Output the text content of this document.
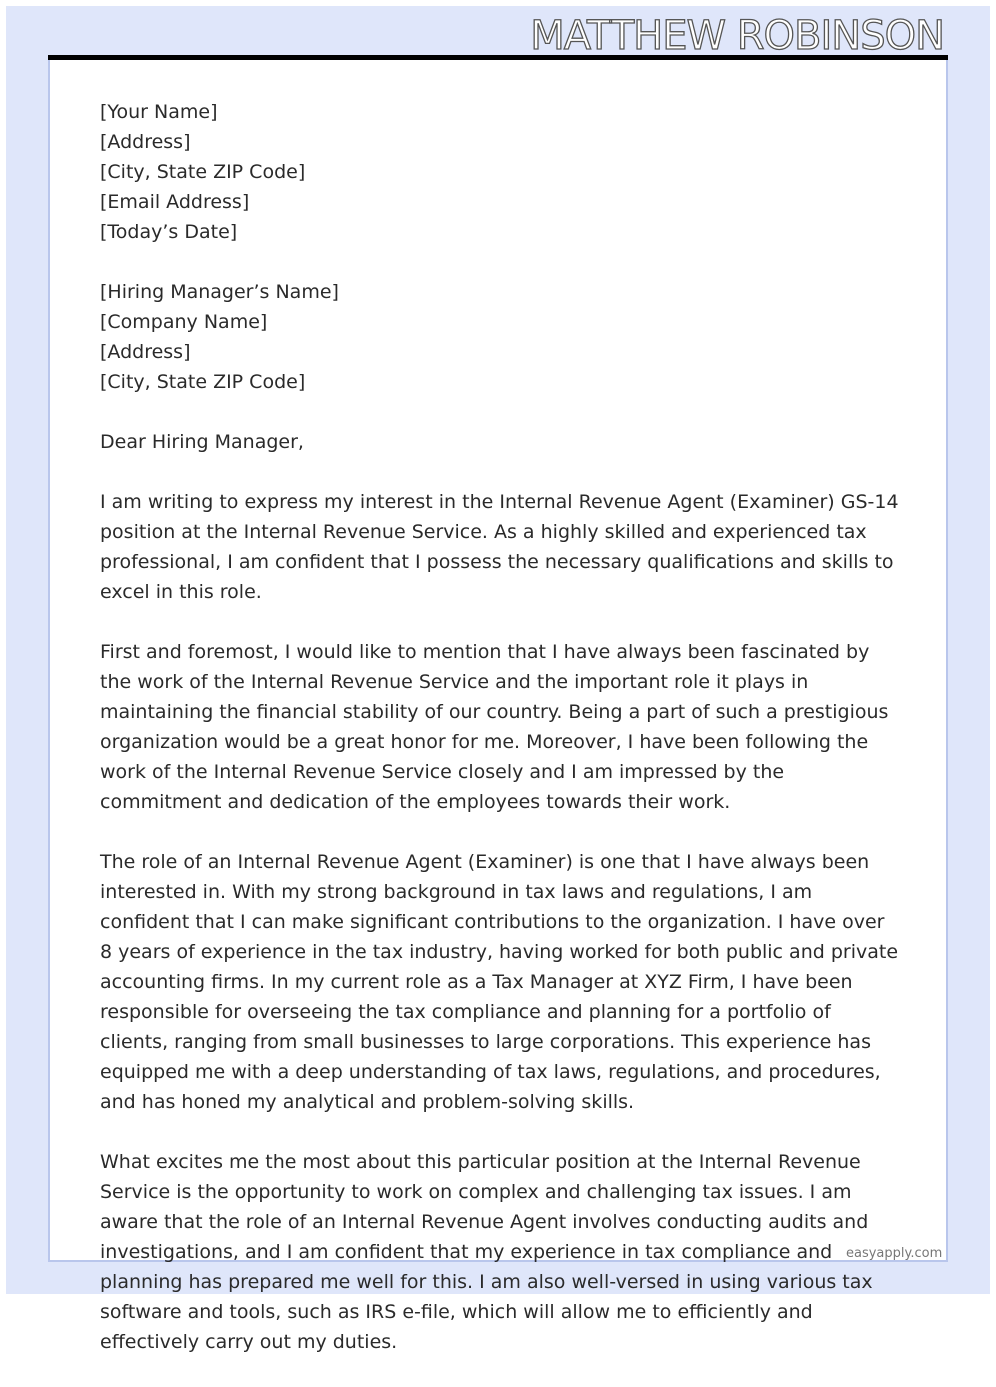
MATTHEW ROBINSON

[Your Name]
[Address]
[City, State ZIP Code]
[Email Address]
[Today’s Date]

[Hiring Manager’s Name]
[Company Name]
[Address]
[City, State ZIP Code]

Dear Hiring Manager,

I am writing to express my interest in the Internal Revenue Agent (Examiner) GS-14 position at the Internal Revenue Service. As a highly skilled and experienced tax professional, I am confident that I possess the necessary qualifications and skills to excel in this role.

First and foremost, I would like to mention that I have always been fascinated by the work of the Internal Revenue Service and the important role it plays in maintaining the financial stability of our country. Being a part of such a prestigious organization would be a great honor for me. Moreover, I have been following the work of the Internal Revenue Service closely and I am impressed by the commitment and dedication of the employees towards their work.

The role of an Internal Revenue Agent (Examiner) is one that I have always been interested in. With my strong background in tax laws and regulations, I am confident that I can make significant contributions to the organization. I have over 8 years of experience in the tax industry, having worked for both public and private accounting firms. In my current role as a Tax Manager at XYZ Firm, I have been responsible for overseeing the tax compliance and planning for a portfolio of clients, ranging from small businesses to large corporations. This experience has equipped me with a deep understanding of tax laws, regulations, and procedures, and has honed my analytical and problem-solving skills.

What excites me the most about this particular position at the Internal Revenue Service is the opportunity to work on complex and challenging tax issues. I am aware that the role of an Internal Revenue Agent involves conducting audits and investigations, and I am confident that my experience in tax compliance and planning has prepared me well for this. I am also well-versed in using various tax software and tools, such as IRS e-file, which will allow me to efficiently and effectively carry out my duties.

easyapply.com
